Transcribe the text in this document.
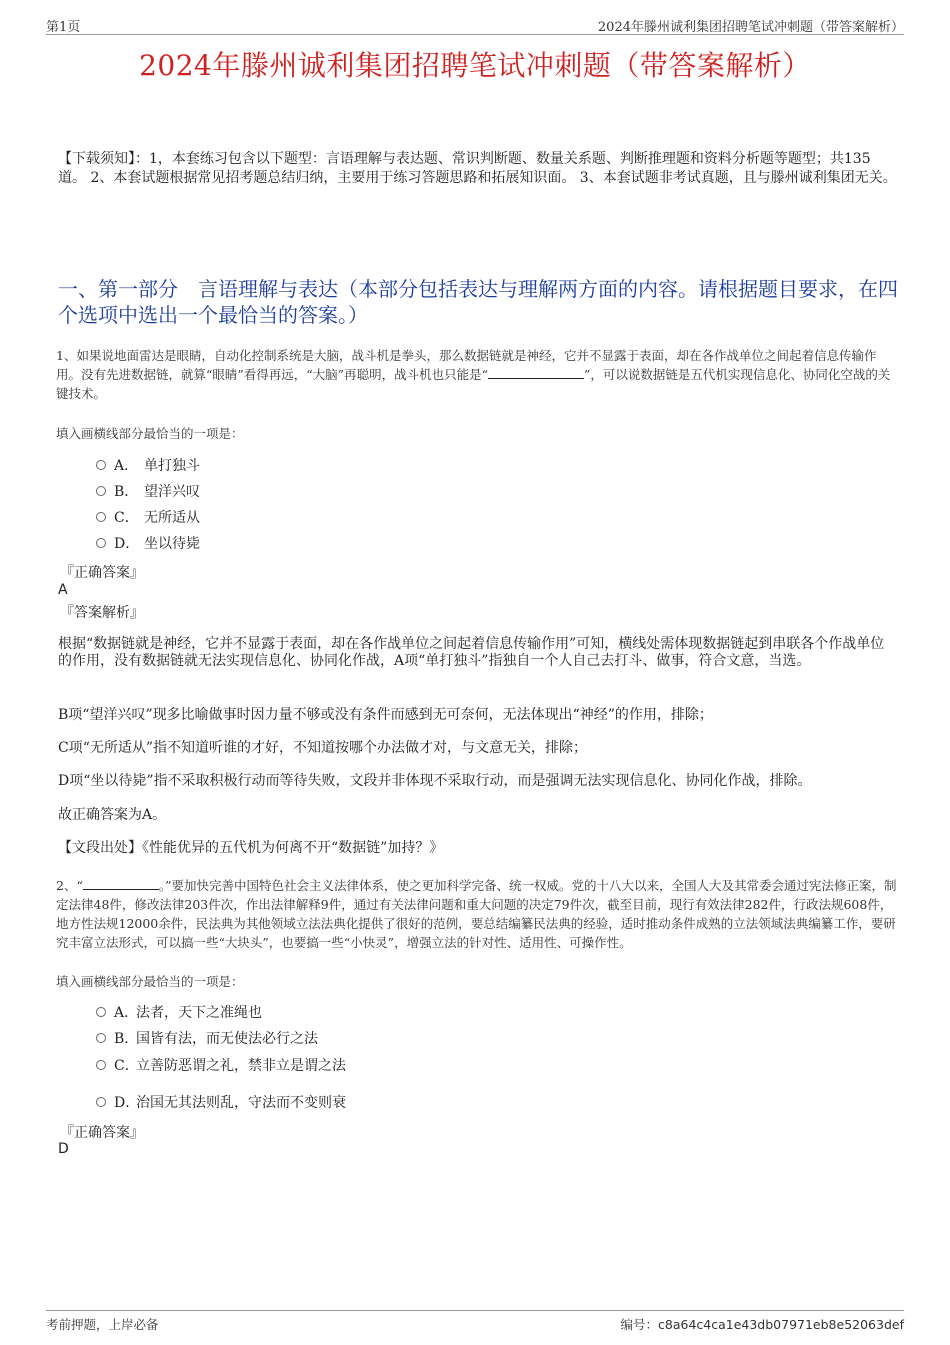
第1页	2024年滕州诚利集团招聘笔试冲刺题（带答案解析）
2024年滕州诚利集团招聘笔试冲刺题（带答案解析）
【下载须知】：1，本套练习包含以下题型：言语理解与表达题、常识判断题、数量关系题、判断推理题和资料分析题等题型；共135道。 2、本套试题根据常见招考题总结归纳，主要用于练习答题思路和拓展知识面。 3、本套试题非考试真题，且与滕州诚利集团无关。
一、第一部分　言语理解与表达（本部分包括表达与理解两方面的内容。请根据题目要求，在四个选项中选出一个最恰当的答案。）
1、如果说地面雷达是眼睛，自动化控制系统是大脑，战斗机是拳头，那么数据链就是神经，它并不显露于表面，却在各作战单位之间起着信息传输作用。没有先进数据链，就算“眼睛”看得再远，“大脑”再聪明，战斗机也只能是“	”，可以说数据链是五代机实现信息化、协同化空战的关键技术。
填入画横线部分最恰当的一项是：
A． 单打独斗
B． 望洋兴叹
C． 无所适从
D． 坐以待毙
『正确答案』
A
『答案解析』
根据“数据链就是神经，它并不显露于表面，却在各作战单位之间起着信息传输作用”可知，横线处需体现数据链起到串联各个作战单位的作用，没有数据链就无法实现信息化、协同化作战，A项“单打独斗”指独自一个人自己去打斗、做事，符合文意，当选。
B项“望洋兴叹”现多比喻做事时因力量不够或没有条件而感到无可奈何，无法体现出“神经”的作用，排除；
C项“无所适从”指不知道听谁的才好，不知道按哪个办法做才对，与文意无关，排除；
D项“坐以待毙”指不采取积极行动而等待失败，文段并非体现不采取行动，而是强调无法实现信息化、协同化作战，排除。
故正确答案为A。
【文段出处】《性能优异的五代机为何离不开“数据链”加持？》
2、“	。”要加快完善中国特色社会主义法律体系，使之更加科学完备、统一权威。党的十八大以来，全国人大及其常委会通过宪法修正案，制定法律48件，修改法律203件次，作出法律解释9件，通过有关法律问题和重大问题的决定79件次，截至目前，现行有效法律282件，行政法规608件，地方性法规12000余件，民法典为其他领域立法法典化提供了很好的范例，要总结编纂民法典的经验，适时推动条件成熟的立法领域法典编纂工作，要研究丰富立法形式，可以搞一些“大块头”，也要搞一些“小快灵”，增强立法的针对性、适用性、可操作性。
填入画横线部分最恰当的一项是：
A．法者，天下之准绳也
B．国皆有法，而无使法必行之法
C．立善防恶谓之礼，禁非立是谓之法
D．治国无其法则乱，守法而不变则衰
『正确答案』
D
考前押题，上岸必备	编号：c8a64c4ca1e43db07971eb8e52063def
